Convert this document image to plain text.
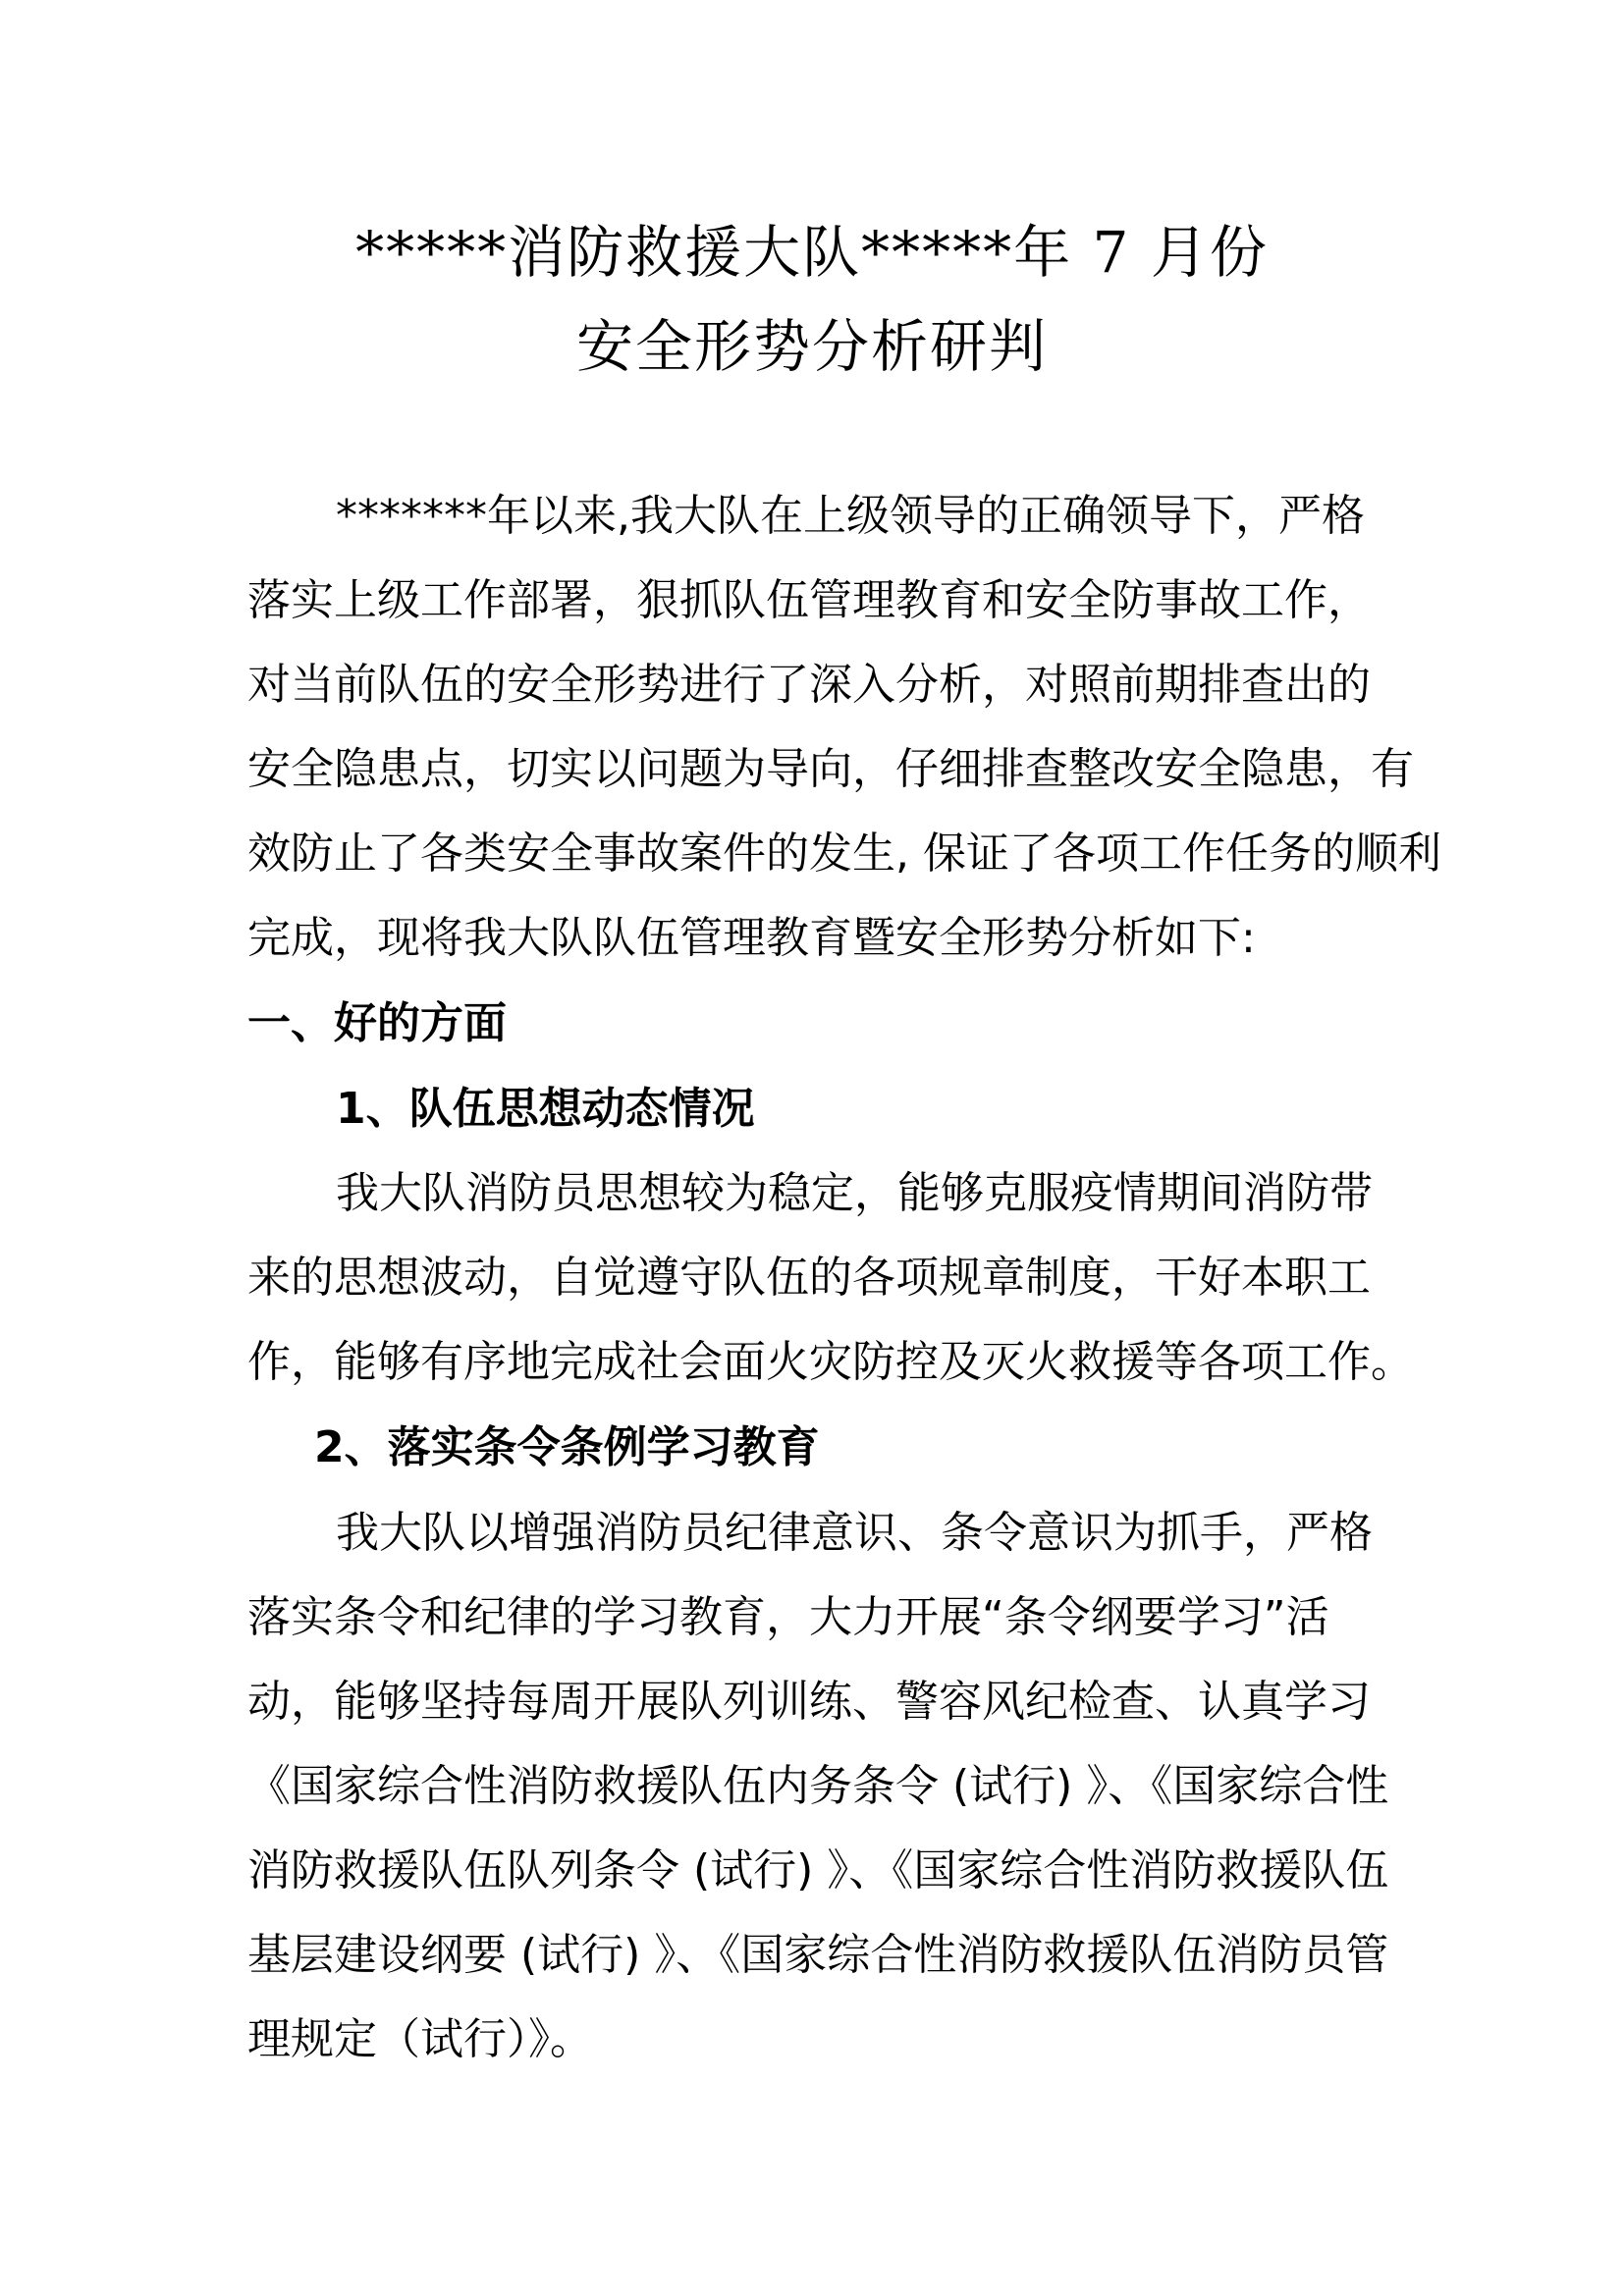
*****消防救援大队*****年 7 月份
安全形势分析研判
*******年以来,我大队在上级领导的正确领导下，严格
落实上级工作部署，狠抓队伍管理教育和安全防事故工作，
对当前队伍的安全形势进行了深入分析，对照前期排查出的
安全隐患点，切实以问题为导向，仔细排查整改安全隐患，有
效防止了各类安全事故案件的发生, 保证了各项工作任务的顺利
完成，现将我大队队伍管理教育暨安全形势分析如下:
一、好的方面
1、队伍思想动态情况
我大队消防员思想较为稳定，能够克服疫情期间消防带
来的思想波动，自觉遵守队伍的各项规章制度，干好本职工
作，能够有序地完成社会面火灾防控及灭火救援等各项工作。
2、落实条令条例学习教育
我大队以增强消防员纪律意识、条令意识为抓手，严格
落实条令和纪律的学习教育，大力开展“条令纲要学习”活
动，能够坚持每周开展队列训练、警容风纪检查、认真学习
《国家综合性消防救援队伍内务条令 (试行) 》、《国家综合性
消防救援队伍队列条令 (试行) 》、《国家综合性消防救援队伍
基层建设纲要 (试行) 》、《国家综合性消防救援队伍消防员管
理规定（试行）》。
